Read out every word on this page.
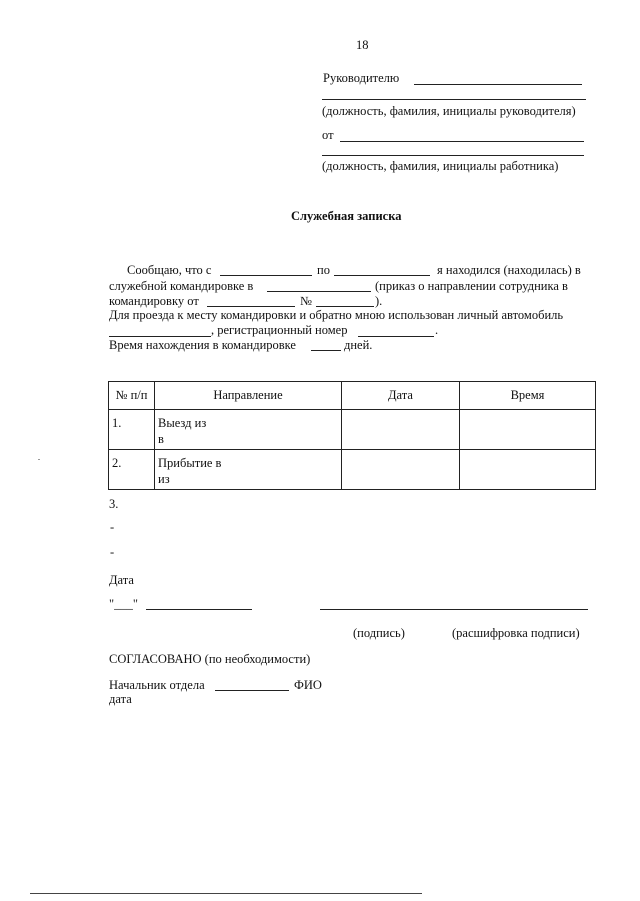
18
Руководителю
(должность, фамилия, инициалы руководителя)
от
(должность, фамилия, инициалы работника)
Служебная записка
Сообщаю, что с	по	я находился (находилась) в
служебной командировке в	(приказ о направлении сотрудника в
командировку от	№	).
Для проезда к месту командировки и обратно мною использован личный автомобиль
, регистрационный номер	.
Время нахождения в командировке	дней.
№ п/п	Направление	Дата	Время

1.	Выезд из
в		

2.	Прибытие в
из		

3.
-
-
Дата
"___"
(подпись)	(расшифровка подписи)
СОГЛАСОВАНО (по необходимости)
Начальник отдела	ФИО
дата
